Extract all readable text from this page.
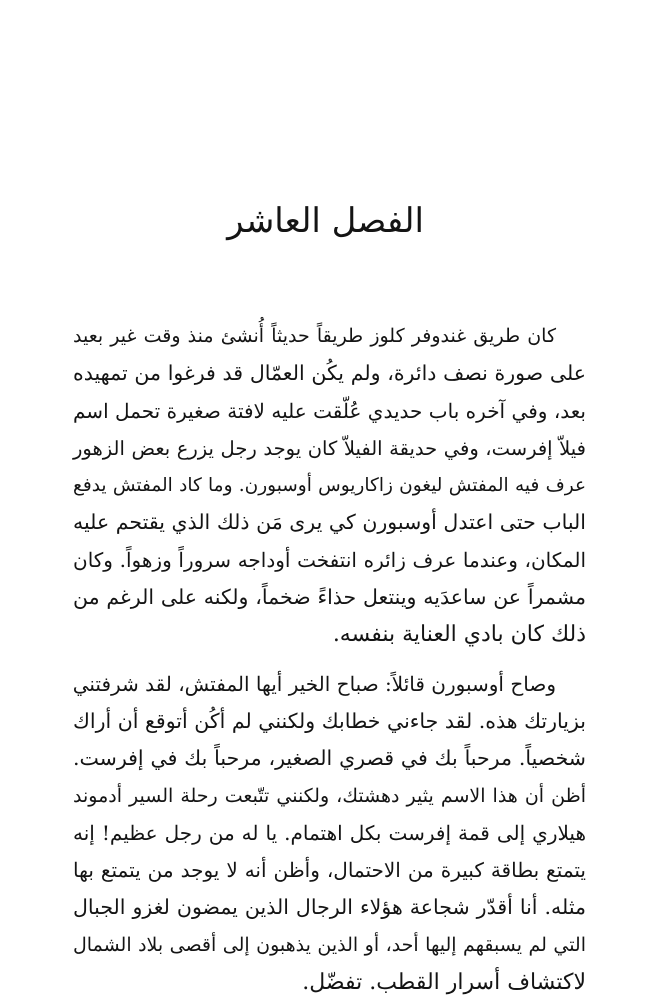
الفصل العاشر

كان طريق غندوفر كلوز طريقاً حديثاً أُنشئ منذ وقت غير بعيد
على صورة نصف دائرة، ولم يكُن العمّال قد فرغوا من تمهيده
بعد، وفي آخره باب حديدي عُلّقت عليه لافتة صغيرة تحمل اسم
فيلاّ إفرست، وفي حديقة الفيلاّ كان يوجد رجل يزرع بعض الزهور
عرف فيه المفتش ليغون زاكاريوس أوسبورن. وما كاد المفتش يدفع
الباب حتى اعتدل أوسبورن كي يرى مَن ذلك الذي يقتحم عليه
المكان، وعندما عرف زائره انتفخت أوداجه سروراً وزهواً. وكان
مشمراً عن ساعدَيه وينتعل حذاءً ضخماً، ولكنه على الرغم من
ذلك كان بادي العناية بنفسه.

وصاح أوسبورن قائلاً: صباح الخير أيها المفتش، لقد شرفتني
بزيارتك هذه. لقد جاءني خطابك ولكنني لم أكُن أتوقع أن أراك
شخصياً. مرحباً بك في قصري الصغير، مرحباً بك في إفرست.
أظن أن هذا الاسم يثير دهشتك، ولكنني تتّبعت رحلة السير أدموند
هيلاري إلى قمة إفرست بكل اهتمام. يا له من رجل عظيم! إنه
يتمتع بطاقة كبيرة من الاحتمال، وأظن أنه لا يوجد من يتمتع بها
مثله. أنا أقدّر شجاعة هؤلاء الرجال الذين يمضون لغزو الجبال
التي لم يسبقهم إليها أحد، أو الذين يذهبون إلى أقصى بلاد الشمال
لاكتشاف أسرار القطب. تفضّل.
